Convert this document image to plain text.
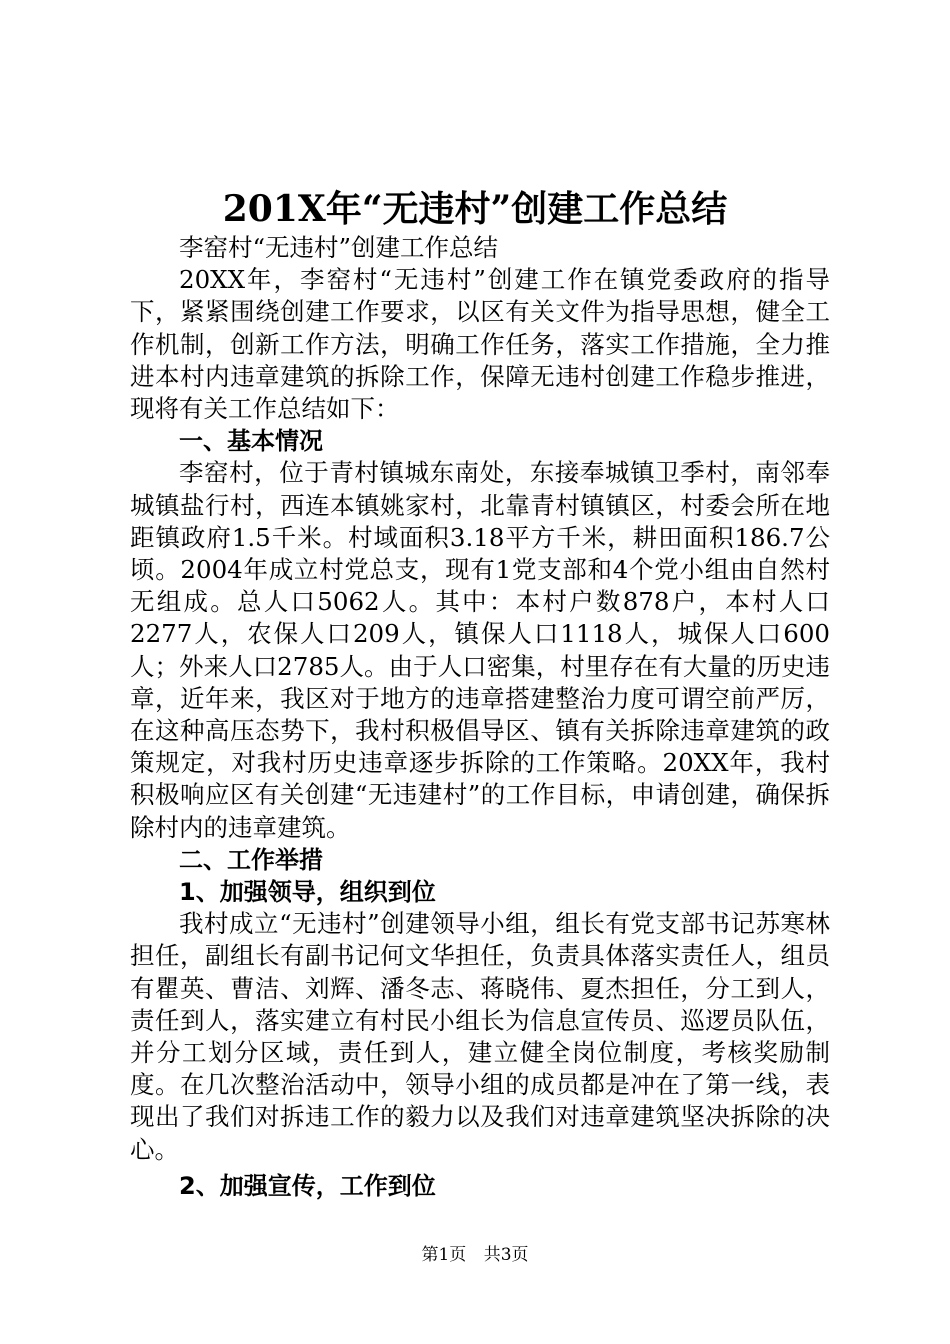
201X年“无违村”创建工作总结

李窑村“无违村”创建工作总结

20XX年，李窑村“无违村”创建工作在镇党委政府的指导下，紧紧围绕创建工作要求，以区有关文件为指导思想，健全工作机制，创新工作方法，明确工作任务，落实工作措施，全力推进本村内违章建筑的拆除工作，保障无违村创建工作稳步推进，现将有关工作总结如下：

一、基本情况

李窑村，位于青村镇城东南处，东接奉城镇卫季村，南邻奉城镇盐行村，西连本镇姚家村，北靠青村镇镇区，村委会所在地距镇政府1.5千米。村域面积3.18平方千米，耕田面积186.7公顷。2004年成立村党总支，现有1党支部和4个党小组由自然村无组成。总人口5062人。其中：本村户数878户，本村人口2277人，农保人口209人，镇保人口1118人，城保人口600人；外来人口2785人。由于人口密集，村里存在有大量的历史违章，近年来，我区对于地方的违章搭建整治力度可谓空前严厉，在这种高压态势下，我村积极倡导区、镇有关拆除违章建筑的政策规定，对我村历史违章逐步拆除的工作策略。20XX年，我村积极响应区有关创建“无违建村”的工作目标，申请创建，确保拆除村内的违章建筑。

二、工作举措

1、加强领导，组织到位

我村成立“无违村”创建领导小组，组长有党支部书记苏寒林担任，副组长有副书记何文华担任，负责具体落实责任人，组员有瞿英、曹洁、刘辉、潘冬志、蒋晓伟、夏杰担任，分工到人，责任到人，落实建立有村民小组长为信息宣传员、巡逻员队伍，并分工划分区域，责任到人，建立健全岗位制度，考核奖励制度。在几次整治活动中，领导小组的成员都是冲在了第一线，表现出了我们对拆违工作的毅力以及我们对违章建筑坚决拆除的决心。

2、加强宣传，工作到位

第1页 共3页
